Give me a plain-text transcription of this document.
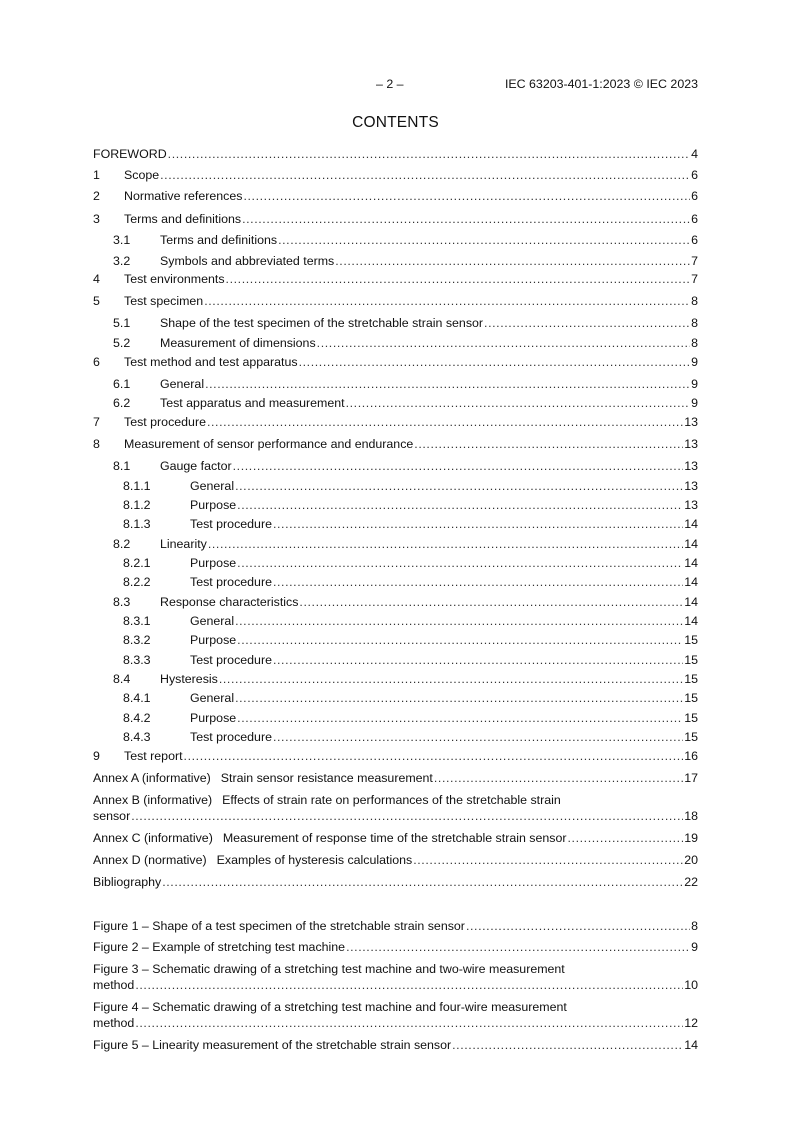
– 2 –	IEC 63203-401-1:2023 © IEC 2023
CONTENTS
FOREWORD .....	4
1	Scope .....	6
2	Normative references .....	6
3	Terms and definitions .....	6
3.1	Terms and definitions .....	6
3.2	Symbols and abbreviated terms .....	7
4	Test environments .....	7
5	Test specimen .....	8
5.1	Shape of the test specimen of the stretchable strain sensor .....	8
5.2	Measurement of dimensions .....	8
6	Test method and test apparatus .....	9
6.1	General .....	9
6.2	Test apparatus and measurement .....	9
7	Test procedure .....	13
8	Measurement of sensor performance and endurance .....	13
8.1	Gauge factor .....	13
8.1.1	General .....	13
8.1.2	Purpose .....	13
8.1.3	Test procedure .....	14
8.2	Linearity .....	14
8.2.1	Purpose .....	14
8.2.2	Test procedure .....	14
8.3	Response characteristics .....	14
8.3.1	General .....	14
8.3.2	Purpose .....	15
8.3.3	Test procedure .....	15
8.4	Hysteresis .....	15
8.4.1	General .....	15
8.4.2	Purpose .....	15
8.4.3	Test procedure .....	15
9	Test report .....	16
Annex A (informative) Strain sensor resistance measurement .....	17
Annex B (informative) Effects of strain rate on performances of the stretchable strain
sensor .....	18
Annex C (informative) Measurement of response time of the stretchable strain sensor .....	19
Annex D (normative) Examples of hysteresis calculations .....	20
Bibliography .....	22
Figure 1 – Shape of a test specimen of the stretchable strain sensor .....	8
Figure 2 – Example of stretching test machine .....	9
Figure 3 – Schematic drawing of a stretching test machine and two-wire measurement
method .....	10
Figure 4 – Schematic drawing of a stretching test machine and four-wire measurement
method .....	12
Figure 5 – Linearity measurement of the stretchable strain sensor .....	14
